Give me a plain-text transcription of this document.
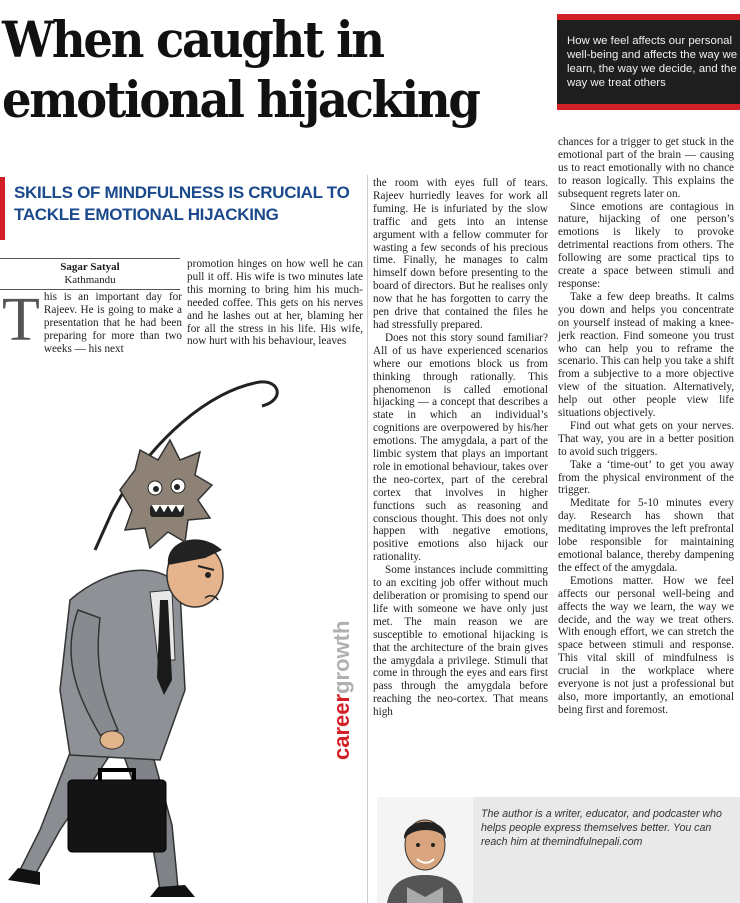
When caught in
emotional hijacking
How we feel affects our personal well-being and affects the way we learn, the way we decide, and the way we treat others
SKILLS OF MINDFULNESS IS CRUCIAL TO
TACKLE EMOTIONAL HIJACKING
Sagar Satyal
Kathmandu
T his is an important day for Rajeev. He is going to make a presentation that he had been preparing for more than two weeks — his next

promotion hinges on how well he can pull it off. His wife is two minutes late this morning to bring him his much-needed coffee. This gets on his nerves and he lashes out at her, blaming her for all the stress in his life. His wife, now hurt with his behaviour, leaves

careergrowth

the room with eyes full of tears. Rajeev hurriedly leaves for work all fuming. He is infuriated by the slow traffic and gets into an intense argument with a fellow commuter for wasting a few seconds of his precious time. Finally, he manages to calm himself down before presenting to the board of directors. But he realises only now that he has forgotten to carry the pen drive that contained the files he had stressfully prepared.

Does not this story sound familiar? All of us have experienced scenarios where our emotions block us from thinking through rationally. This phenomenon is called emotional hijacking — a concept that describes a state in which an individual’s cognitions are overpowered by his/her emotions. The amygdala, a part of the limbic system that plays an important role in emotional behaviour, takes over the neo-cortex, part of the cerebral cortex that involves in higher functions such as reasoning and conscious thought. This does not only happen with negative emotions, positive emotions also hijack our rationality.

Some instances include committing to an exciting job offer without much deliberation or promising to spend our life with someone we have only just met. The main reason we are susceptible to emotional hijacking is that the architecture of the brain gives the amygdala a privilege. Stimuli that come in through the eyes and ears first pass through the amygdala before reaching the neo-cortex. That means high

chances for a trigger to get stuck in the emotional part of the brain — causing us to react emotionally with no chance to reason logically. This explains the subsequent regrets later on.

Since emotions are contagious in nature, hijacking of one person’s emotions is likely to provoke detrimental reactions from others. The following are some practical tips to create a space between stimuli and response:

Take a few deep breaths. It calms you down and helps you concentrate on yourself instead of making a knee-jerk reaction. Find someone you trust who can help you to reframe the scenario. This can help you take a shift from a subjective to a more objective view of the situation. Alternatively, help out other people view life situations objectively.

Find out what gets on your nerves. That way, you are in a better position to avoid such triggers.

Take a ‘time-out’ to get you away from the physical environment of the trigger.

Meditate for 5-10 minutes every day. Research has shown that meditating improves the left prefrontal lobe responsible for maintaining emotional balance, thereby dampening the effect of the amygdala.

Emotions matter. How we feel affects our personal well-being and affects the way we learn, the way we decide, and the way we treat others. With enough effort, we can stretch the space between stimuli and response. This vital skill of mindfulness is crucial in the workplace where everyone is not just a professional but also, more importantly, an emotional being first and foremost.

The author is a writer, educator, and podcaster who helps people express themselves better. You can reach him at themindfulnepali.com
